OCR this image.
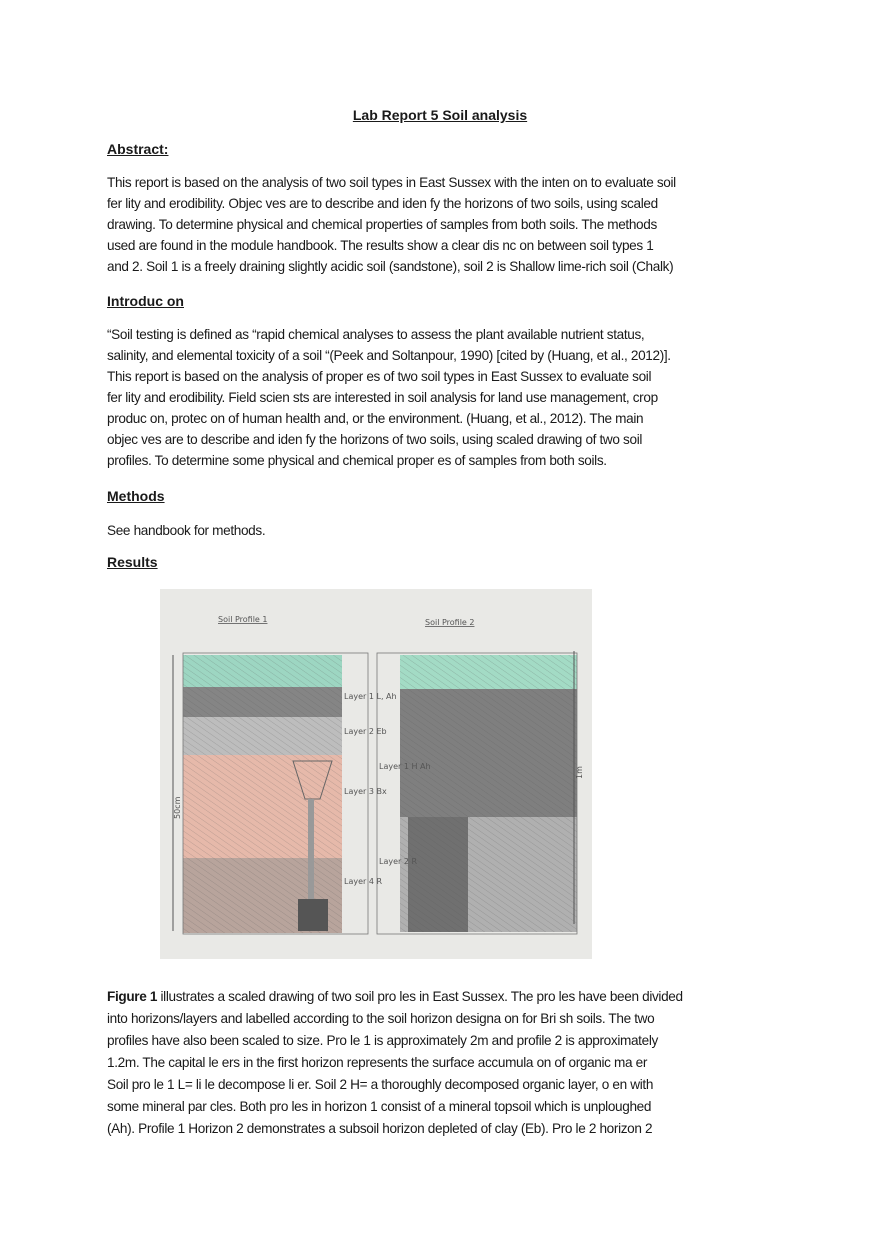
Lab Report 5 Soil analysis
Abstract:
This report is based on the analysis of two soil types in East Sussex with the inten on to evaluate soil
fer lity and erodibility. Objec ves are to describe and iden fy the horizons of two soils, using scaled
drawing. To determine physical and chemical properties of samples from both soils. The methods
used are found in the module handbook. The results show a clear dis nc on between soil types 1
and 2. Soil 1 is a freely draining slightly acidic soil (sandstone), soil 2 is Shallow lime-rich soil (Chalk)
Introduc on
“Soil testing is defined as “rapid chemical analyses to assess the plant available nutrient status,
salinity, and elemental toxicity of a soil “(Peek and Soltanpour, 1990) [cited by (Huang, et al., 2012)].
This report is based on the analysis of proper es of two soil types in East Sussex to evaluate soil
fer lity and erodibility. Field scien sts are interested in soil analysis for land use management, crop
produc on, protec on of human health and, or the environment. (Huang, et al., 2012). The main
objec ves are to describe and iden fy the horizons of two soils, using scaled drawing of two soil
profiles. To determine some physical and chemical proper es of samples from both soils.
Methods
See handbook for methods.
Results
Soil Profile 1	Soil Profile 2
50cm
Layer 1 L, Ah
Layer 2 Eb
Layer 3 Bx
Layer 4 R
1m
Layer 1 H Ah
Layer 2 R
Figure 1 illustrates a scaled drawing of two soil pro les in East Sussex. The pro les have been divided
into horizons/layers and labelled according to the soil horizon designa on for Bri sh soils. The two
profiles have also been scaled to size. Pro le 1 is approximately 2m and profile 2 is approximately
1.2m. The capital le ers in the first horizon represents the surface accumula on of organic ma er
Soil pro le 1 L= li le decompose li er. Soil 2 H= a thoroughly decomposed organic layer, o en with
some mineral par cles. Both pro les in horizon 1 consist of a mineral topsoil which is unploughed
(Ah). Profile 1 Horizon 2 demonstrates a subsoil horizon depleted of clay (Eb). Pro le 2 horizon 2
